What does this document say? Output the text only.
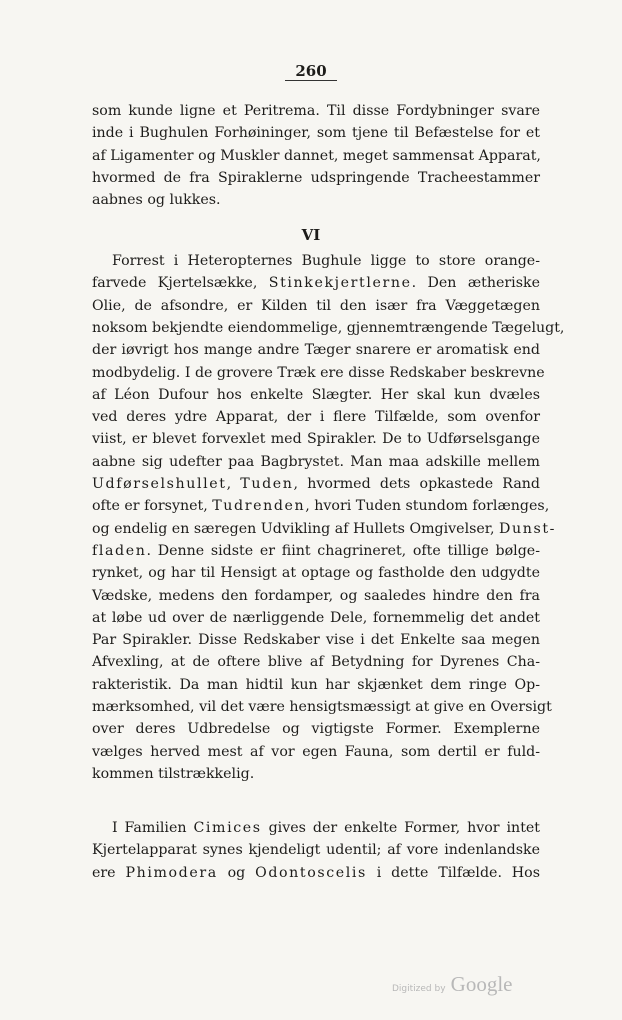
260
som kunde ligne et Peritrema. Til disse Fordybninger svare
inde i Bughulen Forhøininger, som tjene til Befæstelse for et
af Ligamenter og Muskler dannet, meget sammensat Apparat,
hvormed de fra Spiraklerne udspringende Tracheestammer
aabnes og lukkes.
VI
Forrest i Heteropternes Bughule ligge to store orange-
farvede Kjertelsække, Stinkekjertlerne. Den ætheriske
Olie, de afsondre, er Kilden til den især fra Væggetægen
noksom bekjendte eiendommelige, gjennemtrængende Tægelugt,
der iøvrigt hos mange andre Tæger snarere er aromatisk end
modbydelig. I de grovere Træk ere disse Redskaber beskrevne
af Léon Dufour hos enkelte Slægter. Her skal kun dvæles
ved deres ydre Apparat, der i flere Tilfælde, som ovenfor
viist, er blevet forvexlet med Spirakler. De to Udførselsgange
aabne sig udefter paa Bagbrystet. Man maa adskille mellem
Udførselshullet, Tuden, hvormed dets opkastede Rand
ofte er forsynet, Tudrenden, hvori Tuden stundom forlænges,
og endelig en særegen Udvikling af Hullets Omgivelser, Dunst-
fladen. Denne sidste er fiint chagrineret, ofte tillige bølge-
rynket, og har til Hensigt at optage og fastholde den udgydte
Vædske, medens den fordamper, og saaledes hindre den fra
at løbe ud over de nærliggende Dele, fornemmelig det andet
Par Spirakler. Disse Redskaber vise i det Enkelte saa megen
Afvexling, at de oftere blive af Betydning for Dyrenes Cha-
rakteristik. Da man hidtil kun har skjænket dem ringe Op-
mærksomhed, vil det være hensigtsmæssigt at give en Oversigt
over deres Udbredelse og vigtigste Former. Exemplerne
vælges herved mest af vor egen Fauna, som dertil er fuld-
kommen tilstrækkelig.
I Familien Cimices gives der enkelte Former, hvor intet
Kjertelapparat synes kjendeligt udentil; af vore indenlandske
ere Phimodera og Odontoscelis i dette Tilfælde. Hos
Digitized by Google
